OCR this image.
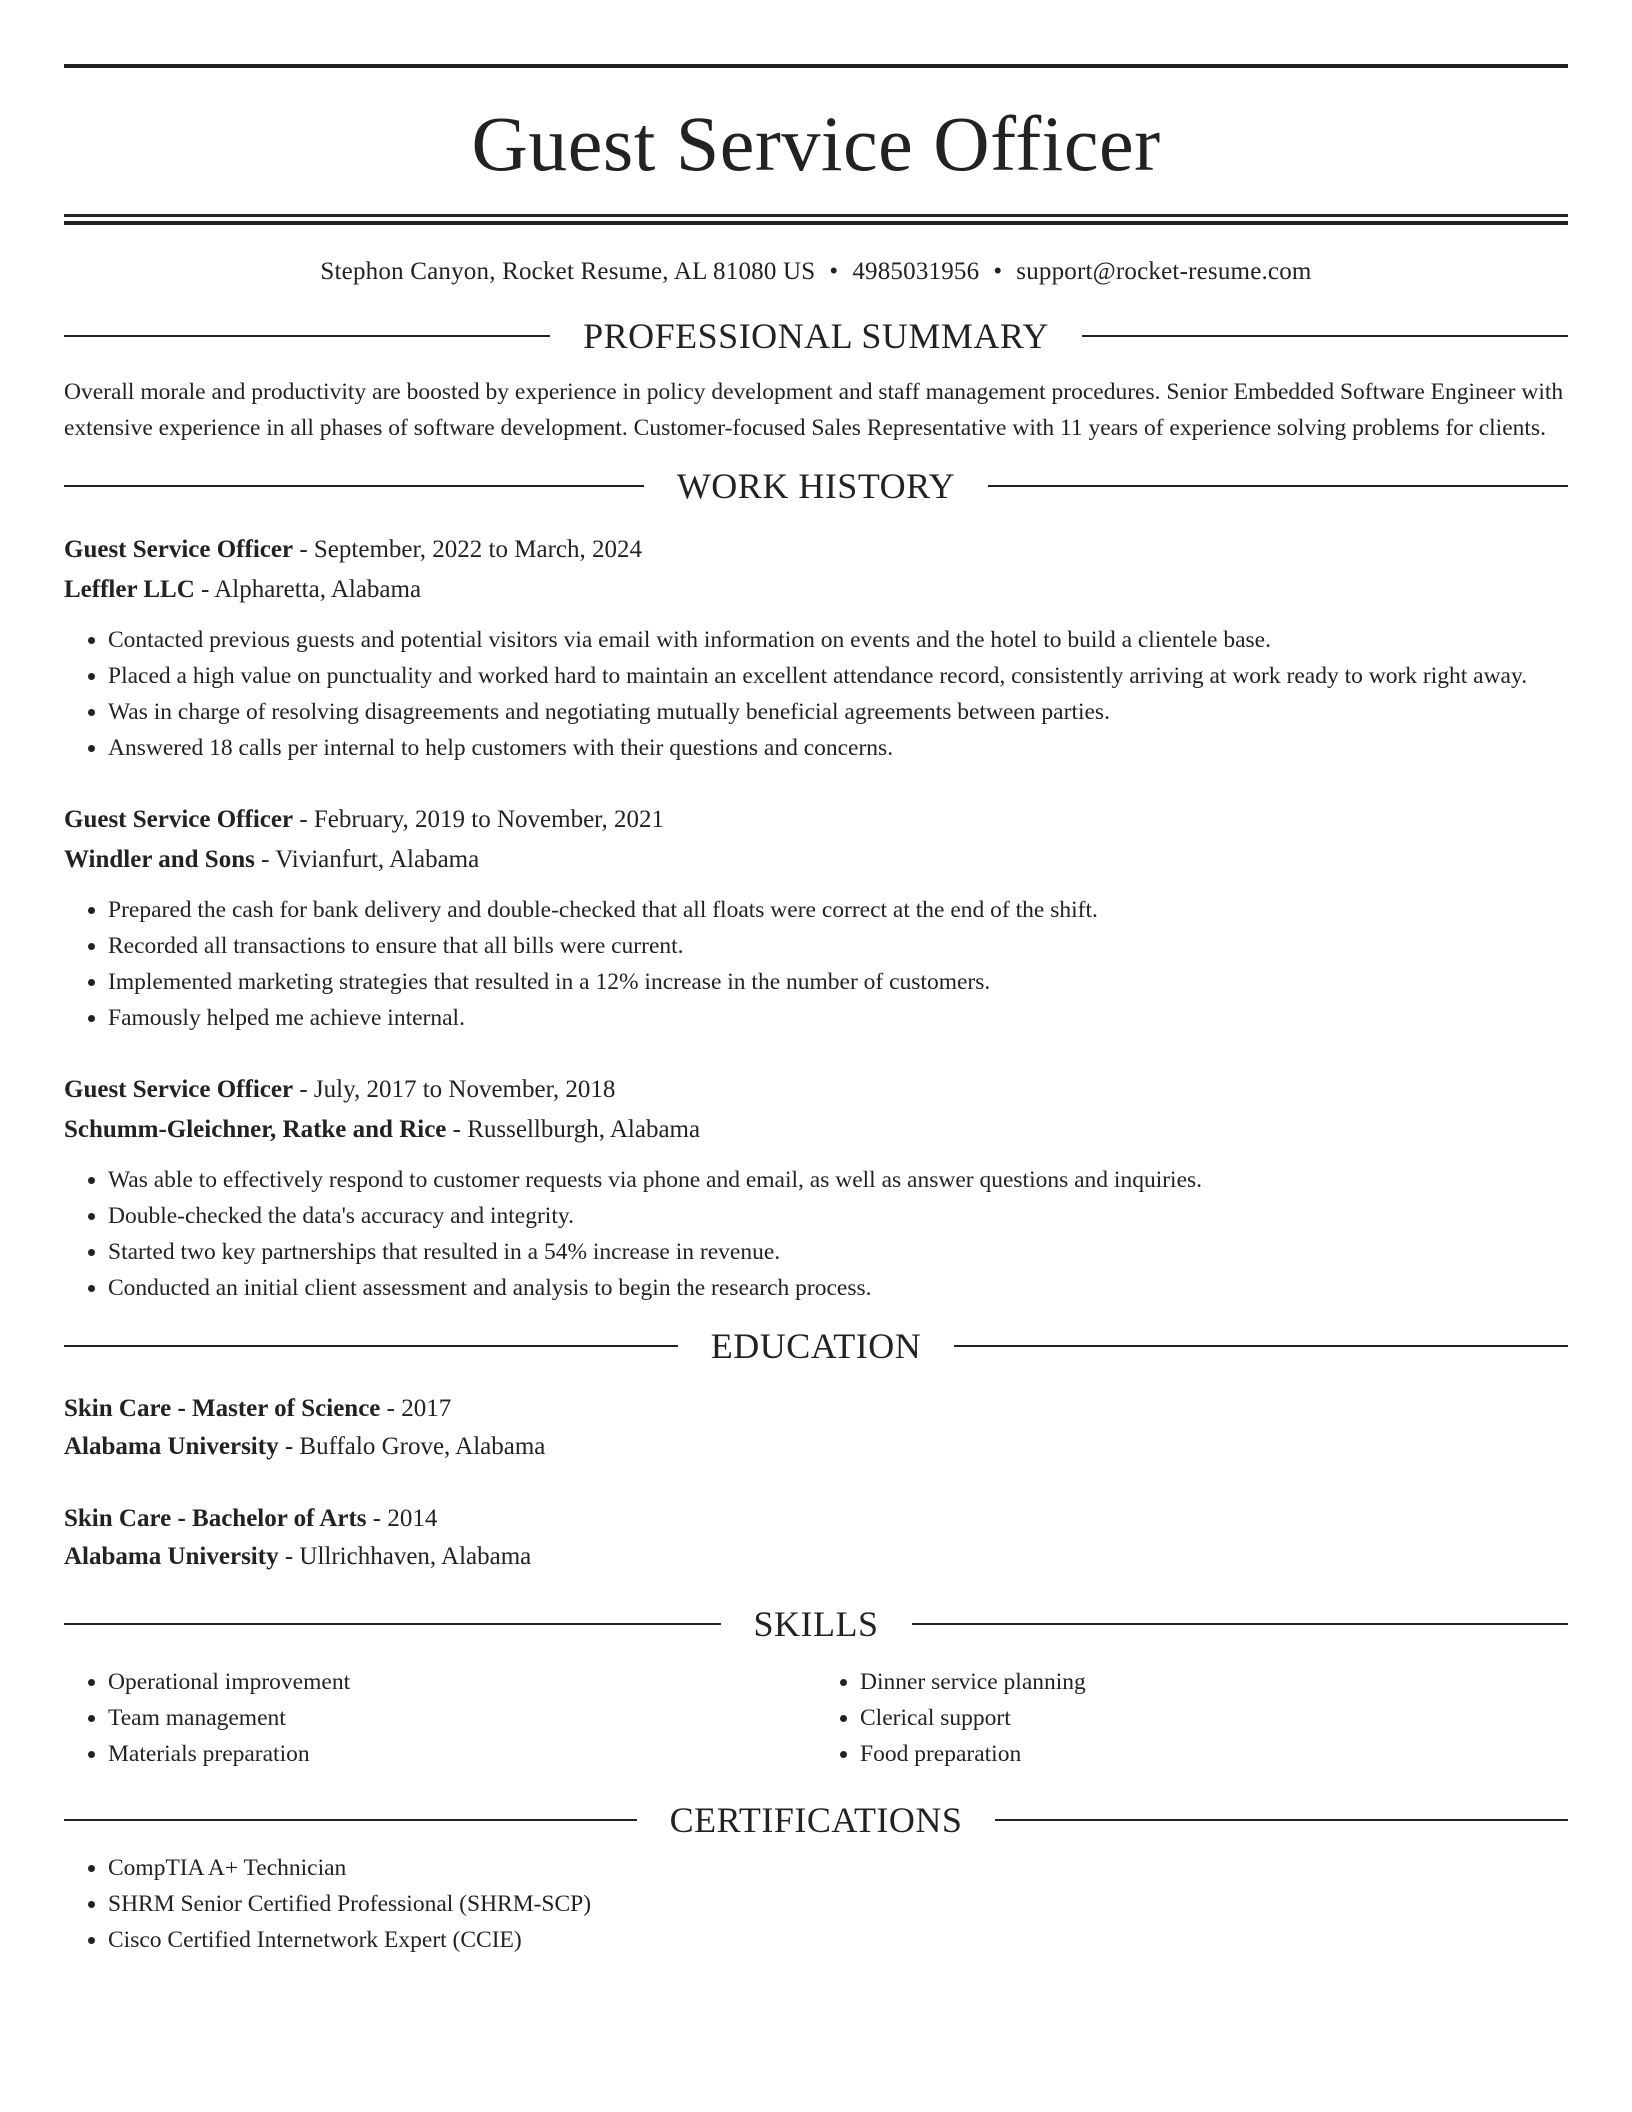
Guest Service Officer
Stephon Canyon, Rocket Resume, AL 81080 US • 4985031956 • support@rocket-resume.com
PROFESSIONAL SUMMARY
Overall morale and productivity are boosted by experience in policy development and staff management procedures. Senior Embedded Software Engineer with extensive experience in all phases of software development. Customer-focused Sales Representative with 11 years of experience solving problems for clients.
WORK HISTORY
Guest Service Officer - September, 2022 to March, 2024
Leffler LLC - Alpharetta, Alabama
• Contacted previous guests and potential visitors via email with information on events and the hotel to build a clientele base.
• Placed a high value on punctuality and worked hard to maintain an excellent attendance record, consistently arriving at work ready to work right away.
• Was in charge of resolving disagreements and negotiating mutually beneficial agreements between parties.
• Answered 18 calls per internal to help customers with their questions and concerns.
Guest Service Officer - February, 2019 to November, 2021
Windler and Sons - Vivianfurt, Alabama
• Prepared the cash for bank delivery and double-checked that all floats were correct at the end of the shift.
• Recorded all transactions to ensure that all bills were current.
• Implemented marketing strategies that resulted in a 12% increase in the number of customers.
• Famously helped me achieve internal.
Guest Service Officer - July, 2017 to November, 2018
Schumm-Gleichner, Ratke and Rice - Russellburgh, Alabama
• Was able to effectively respond to customer requests via phone and email, as well as answer questions and inquiries.
• Double-checked the data's accuracy and integrity.
• Started two key partnerships that resulted in a 54% increase in revenue.
• Conducted an initial client assessment and analysis to begin the research process.
EDUCATION
Skin Care - Master of Science - 2017
Alabama University - Buffalo Grove, Alabama
Skin Care - Bachelor of Arts - 2014
Alabama University - Ullrichhaven, Alabama
SKILLS
• Operational improvement
• Team management
• Materials preparation
• Dinner service planning
• Clerical support
• Food preparation
CERTIFICATIONS
• CompTIA A+ Technician
• SHRM Senior Certified Professional (SHRM-SCP)
• Cisco Certified Internetwork Expert (CCIE)
